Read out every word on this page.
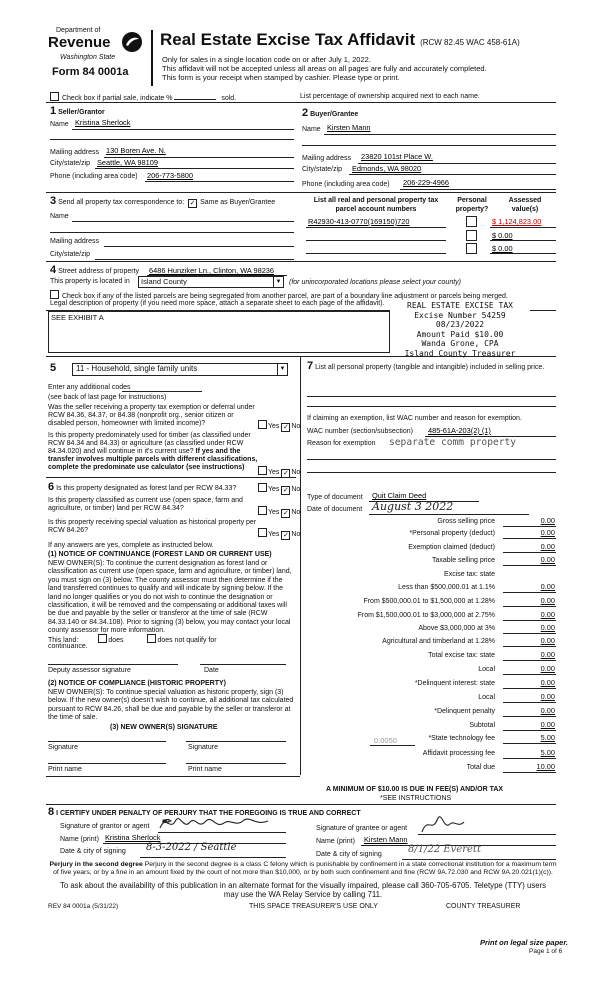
Department of
Revenue
Washington State
Form 84 0001a
Real Estate Excise Tax Affidavit (RCW 82.45 WAC 458-61A)
Only for sales in a single location code on or after July 1, 2022.
This affidavit will not be accepted unless all areas on all pages are fully and accurately completed.
This form is your receipt when stamped by cashier. Please type or print.
Check box if partial sale, indicate %	sold.	List percentage of ownership acquired next to each name.
1 Seller/Grantor
Name Kristina Sherlock
Mailing address 130 Boren Ave. N.
City/state/zip Seattle, WA 98109
Phone (including area code) 206-773-5800
2 Buyer/Grantee
Name Kirsten Mann
Mailing address 23820 101st Place W.
City/state/zip Edmonds, WA 98020
Phone (including area code) 206-229-4966
3 Send all property tax correspondence to: ✓ Same as Buyer/Grantee
Name
Mailing address
City/state/zip
List all real and personal property tax parcel account numbers
Personal property?
Assessed value(s)
R42930-413-0770(169150)720	$ 1,124,823.00
$ 0.00
$ 0.00
4 Street address of property 6486 Hunziker Ln., Clinton, WA 98236
This property is located in Island County	▼ (for unincorporated locations please select your county)
Check box if any of the listed parcels are being segregated from another parcel, are part of a boundary line adjustment or parcels being merged.
Legal description of property (if you need more space, attach a separate sheet to each page of the affidavit).
SEE EXHIBIT A
REAL ESTATE EXCISE TAX
Excise Number 54259
08/23/2022
Amount Paid $10.00
Wanda Grone, CPA
Island County Treasurer
5 11 - Household, single family units	▼
Enter any additional codes
(see back of last page for instructions)
Was the seller receiving a property tax exemption or deferral under RCW 84.36, 84.37, or 84.38 (nonprofit org., senior citizen or disabled person, homeowner with limited income)?	Yes ✓ No
Is this property predominately used for timber (as classified under RCW 84.34 and 84.33) or agriculture (as classified under RCW 84.34.020) and will continue in it's current use? If yes and the transfer involves multiple parcels with different classifications, complete the predominate use calculator (see instructions)
Yes ✓ No
6 Is this property designated as forest land per RCW 84.33?	Yes ✓ No
Is this property classified as current use (open space, farm and agriculture, or timber) land per RCW 84.34?
Yes ✓ No
Is this property receiving special valuation as historical property per RCW 84.26?
Yes ✓ No
If any answers are yes, complete as instructed below.
(1) NOTICE OF CONTINUANCE (FOREST LAND OR CURRENT USE)
NEW OWNER(S): To continue the current designation as forest land or classification as current use (open space, farm and agriculture, or timber) land, you must sign on (3) below. The county assessor must then determine if the land transferred continues to qualify and will indicate by signing below. If the land no longer qualifies or you do not wish to continue the designation or classification, it will be removed and the compensating or additional taxes will be due and payable by the seller or transferor at the time of sale (RCW 84.33.140 or 84.34.108). Prior to signing (3) below, you may contact your local county assessor for more information.
This land:	does	does not qualify for
continuance.
Deputy assessor signature	Date
(2) NOTICE OF COMPLIANCE (HISTORIC PROPERTY)
NEW OWNER(S): To continue special valuation as historic property, sign (3) below. If the new owner(s) doesn't wish to continue, all additional tax calculated pursuant to RCW 84.26, shall be due and payable by the seller or transferor at the time of sale.
(3) NEW OWNER(S) SIGNATURE
Signature	Signature
Print name	Print name
7 List all personal property (tangible and intangible) included in selling price.
If claiming an exemption, list WAC number and reason for exemption.
WAC number (section/subsection) 485-61A-203(2) (1)
Reason for exemption separate comm property
Type of document Quit Claim Deed
Date of document August 3 2022
Gross selling price	0.00
*Personal property (deduct)	0.00
Exemption claimed (deduct)	0.00
Taxable selling price	0.00
Excise tax: state
Less than $500,000.01 at 1.1%	0.00
From $500,000.01 to $1,500,000 at 1.28%	0.00
From $1,500,000.01 to $3,000,000 at 2.75%	0.00
Above $3,000,000 at 3%	0.00
Agricultural and timberland at 1.28%	0.00
Total excise tax: state	0.00
Local	0.00
*Delinquent interest: state	0.00
Local	0.00
*Delinquent penalty	0.00
Subtotal	0.00
*State technology fee	5.00
Affidavit processing fee	5.00
Total due	10.00
0.0050
A MINIMUM OF $10.00 IS DUE IN FEE(S) AND/OR TAX
*SEE INSTRUCTIONS
8 I CERTIFY UNDER PENALTY OF PERJURY THAT THE FOREGOING IS TRUE AND CORRECT
Signature of grantor or agent ✒
Name (print) Kristina Sherlock
Date & city of signing 8-3-2022 / Seattle
Signature of grantee or agent
Name (print) Kirsten Mann
Date & city of signing	8/1/22 Everett
Perjury in the second degree Perjury in the second degree is a class C felony which is punishable by confinement in a state correctional institution for a maximum term of five years, or by a fine in an amount fixed by the court of not more than $10,000, or by both such confinement and fine (RCW 9A.72.030 and RCW 9A.20.021(1)(c)).
To ask about the availability of this publication in an alternate format for the visually impaired, please call 360-705-6705. Teletype (TTY) users may use the WA Relay Service by calling 711.
REV 84 0001a (5/31/22)	THIS SPACE TREASURER'S USE ONLY	COUNTY TREASURER
Print on legal size paper.
Page 1 of 6
